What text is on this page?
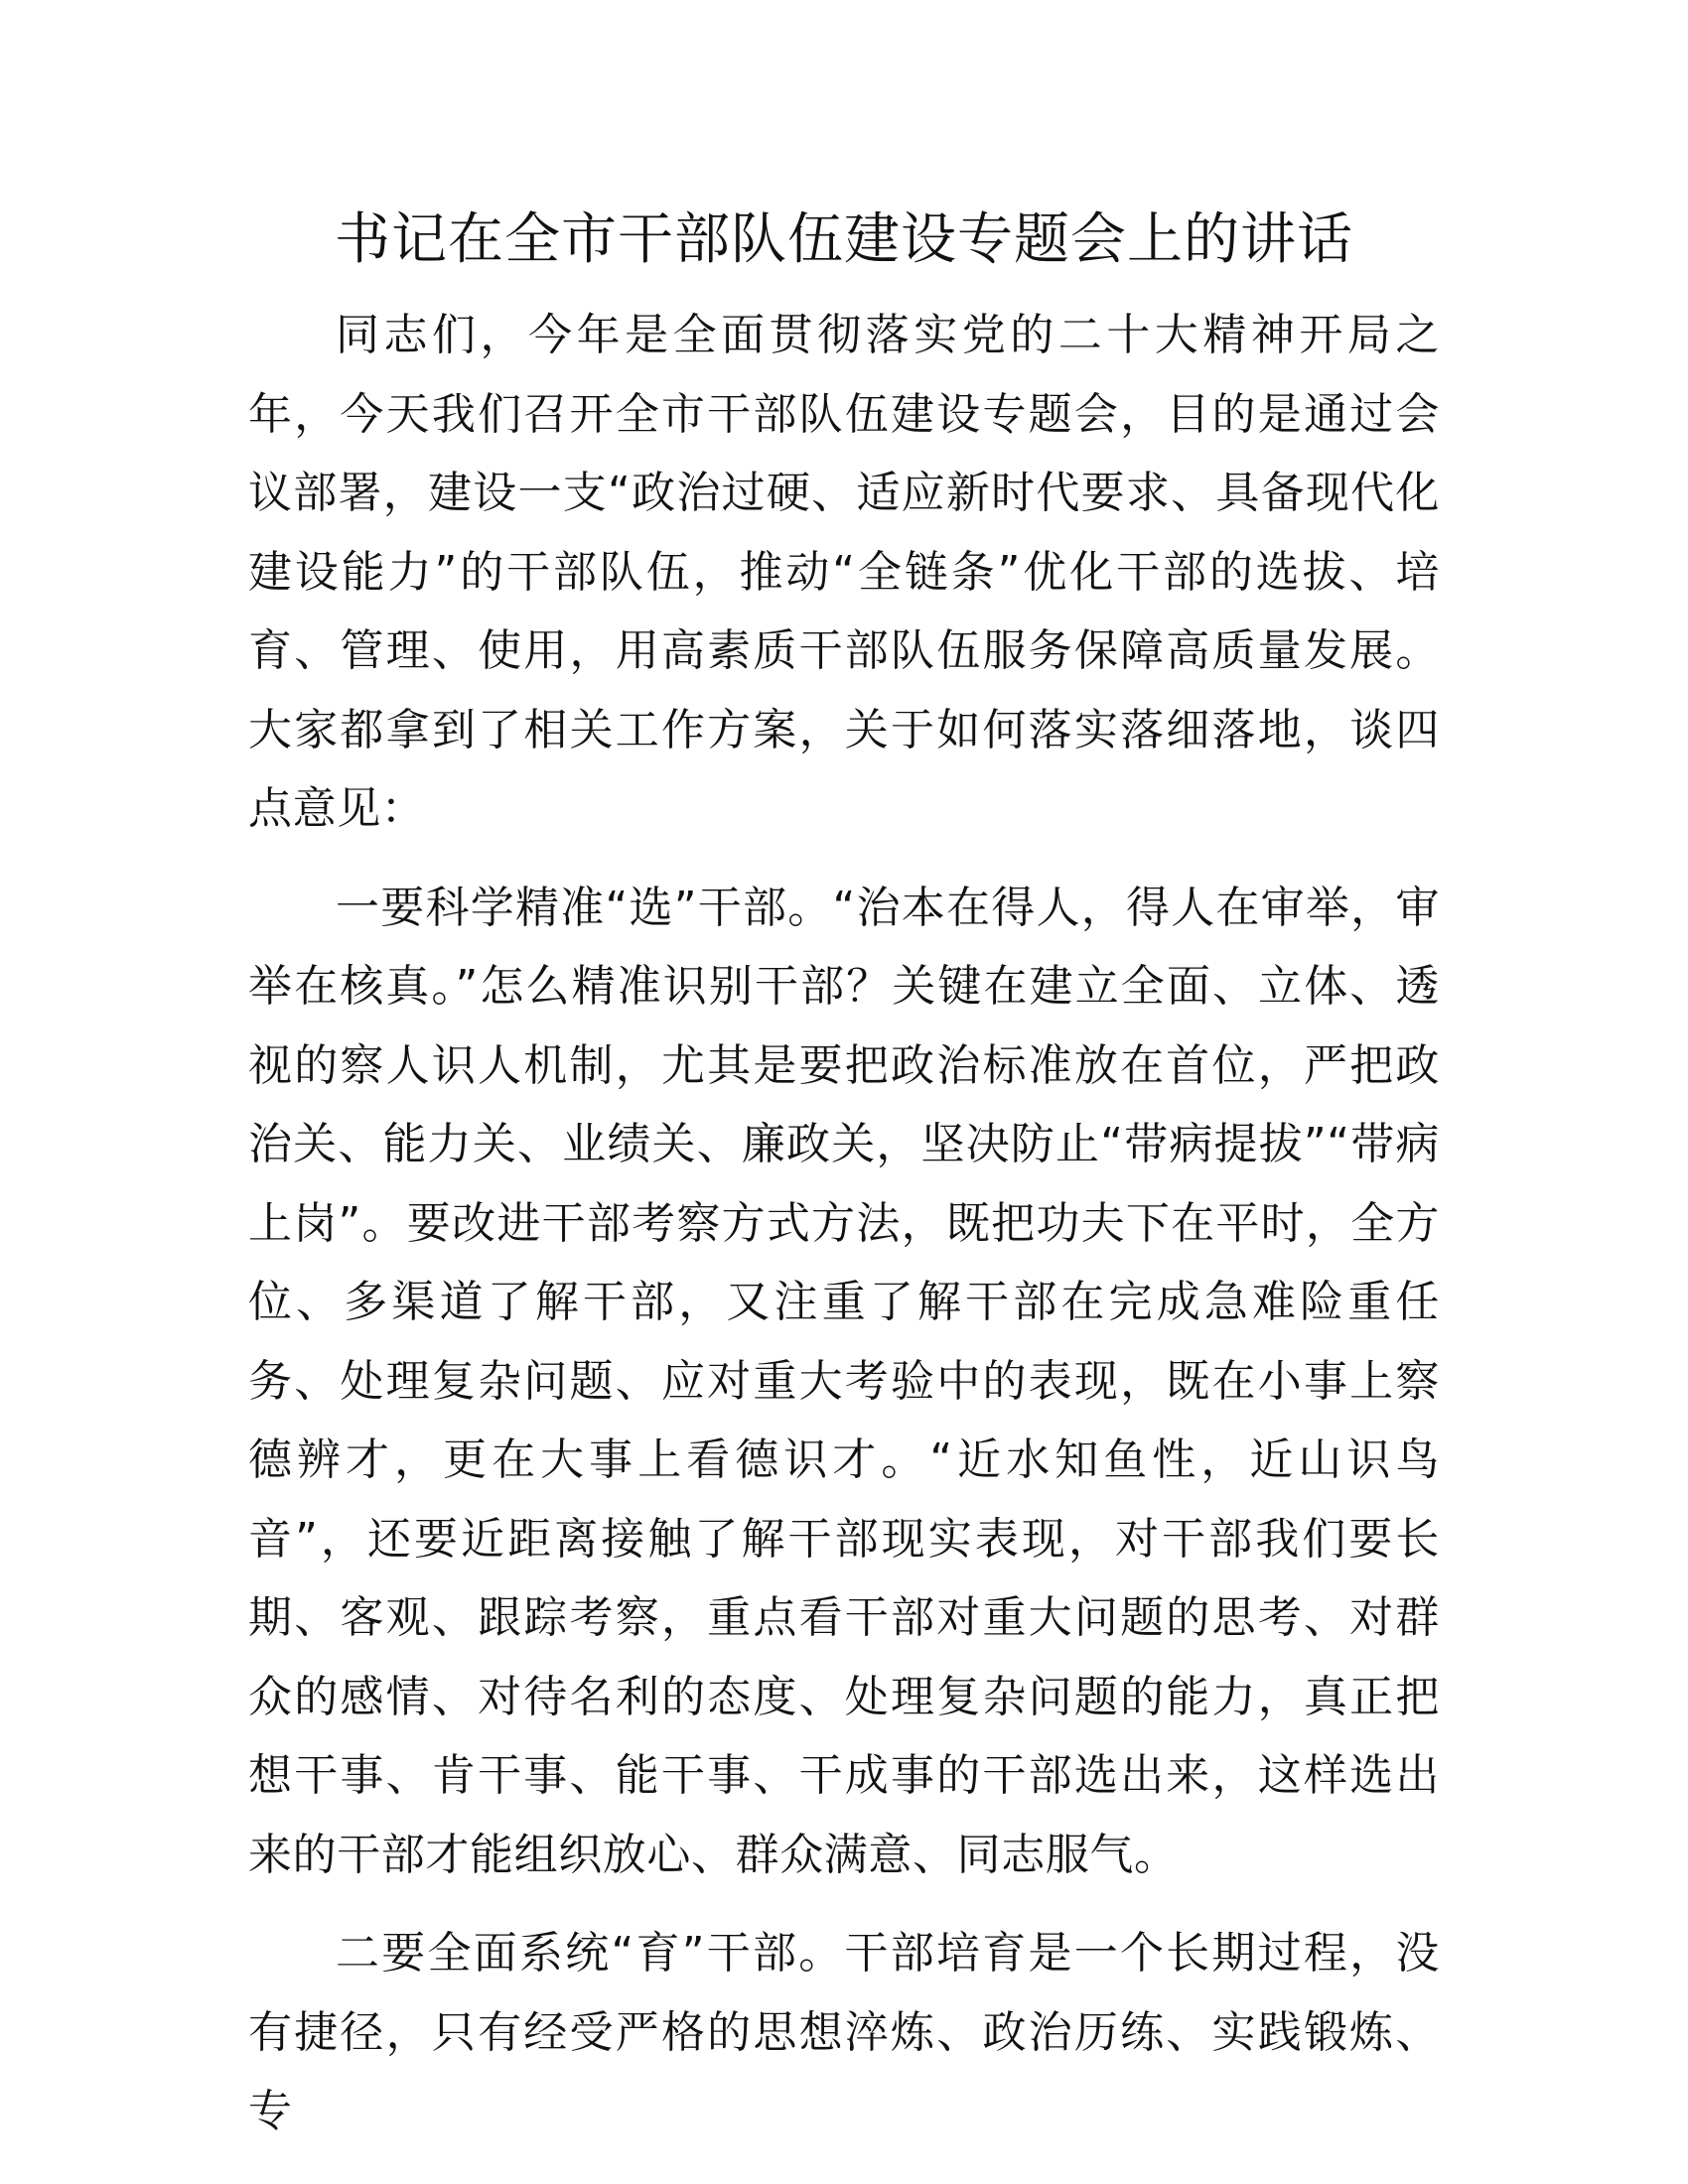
书记在全市干部队伍建设专题会上的讲话

同志们，今年是全面贯彻落实党的二十大精神开局之年，今天我们召开全市干部队伍建设专题会，目的是通过会议部署，建设一支“政治过硬、适应新时代要求、具备现代化建设能力”的干部队伍，推动“全链条”优化干部的选拔、培育、管理、使用，用高素质干部队伍服务保障高质量发展。大家都拿到了相关工作方案，关于如何落实落细落地，谈四点意见：

一要科学精准“选”干部。“治本在得人，得人在审举，审举在核真。”怎么精准识别干部？关键在建立全面、立体、透视的察人识人机制，尤其是要把政治标准放在首位，严把政治关、能力关、业绩关、廉政关，坚决防止“带病提拔”“带病上岗”。要改进干部考察方式方法，既把功夫下在平时，全方位、多渠道了解干部，又注重了解干部在完成急难险重任务、处理复杂问题、应对重大考验中的表现，既在小事上察德辨才，更在大事上看德识才。“近水知鱼性，近山识鸟音”，还要近距离接触了解干部现实表现，对干部我们要长期、客观、跟踪考察，重点看干部对重大问题的思考、对群众的感情、对待名利的态度、处理复杂问题的能力，真正把想干事、肯干事、能干事、干成事的干部选出来，这样选出来的干部才能组织放心、群众满意、同志服气。

二要全面系统“育”干部。干部培育是一个长期过程，没有捷径，只有经受严格的思想淬炼、政治历练、实践锻炼、专
